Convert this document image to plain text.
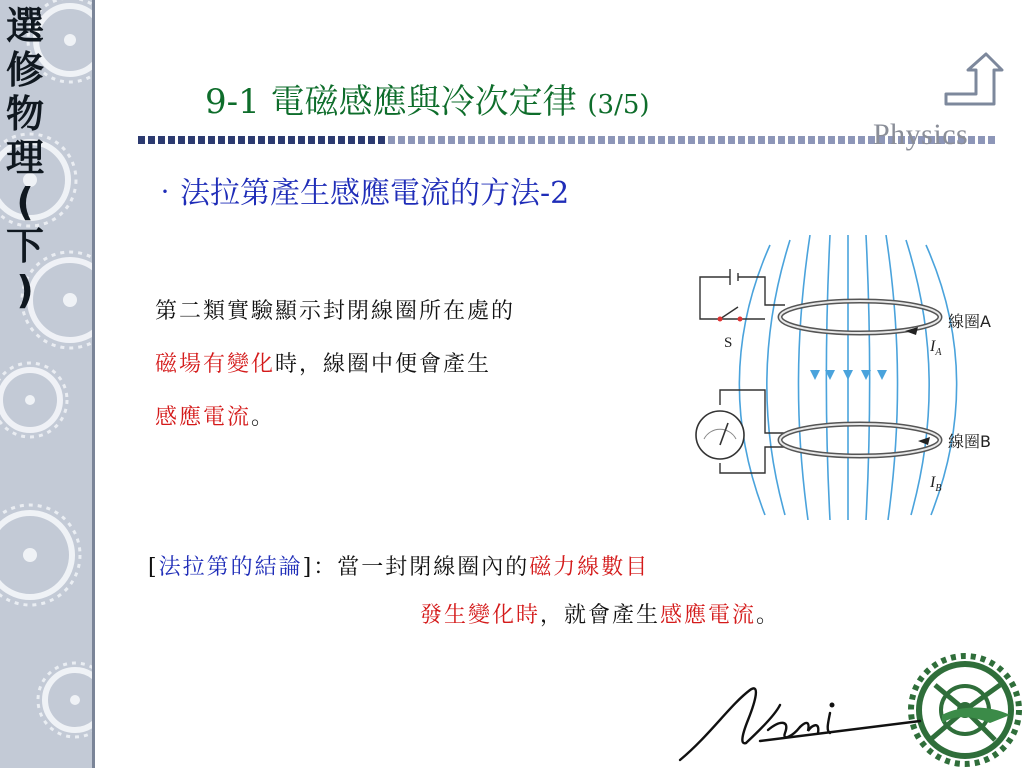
選
修
物
理
(
下
)
9-1 電磁感應與冷次定律 (3/5)
Physics
‧法拉第產生感應電流的方法-2
第二類實驗顯示封閉線圈所在處的
磁場有變化時，線圈中便會產生
感應電流。
S
線圈A
$I_A$
線圈B
$I_B$
[法拉第的結論]：當一封閉線圈內的磁力線數目
發生變化時，就會產生感應電流。
